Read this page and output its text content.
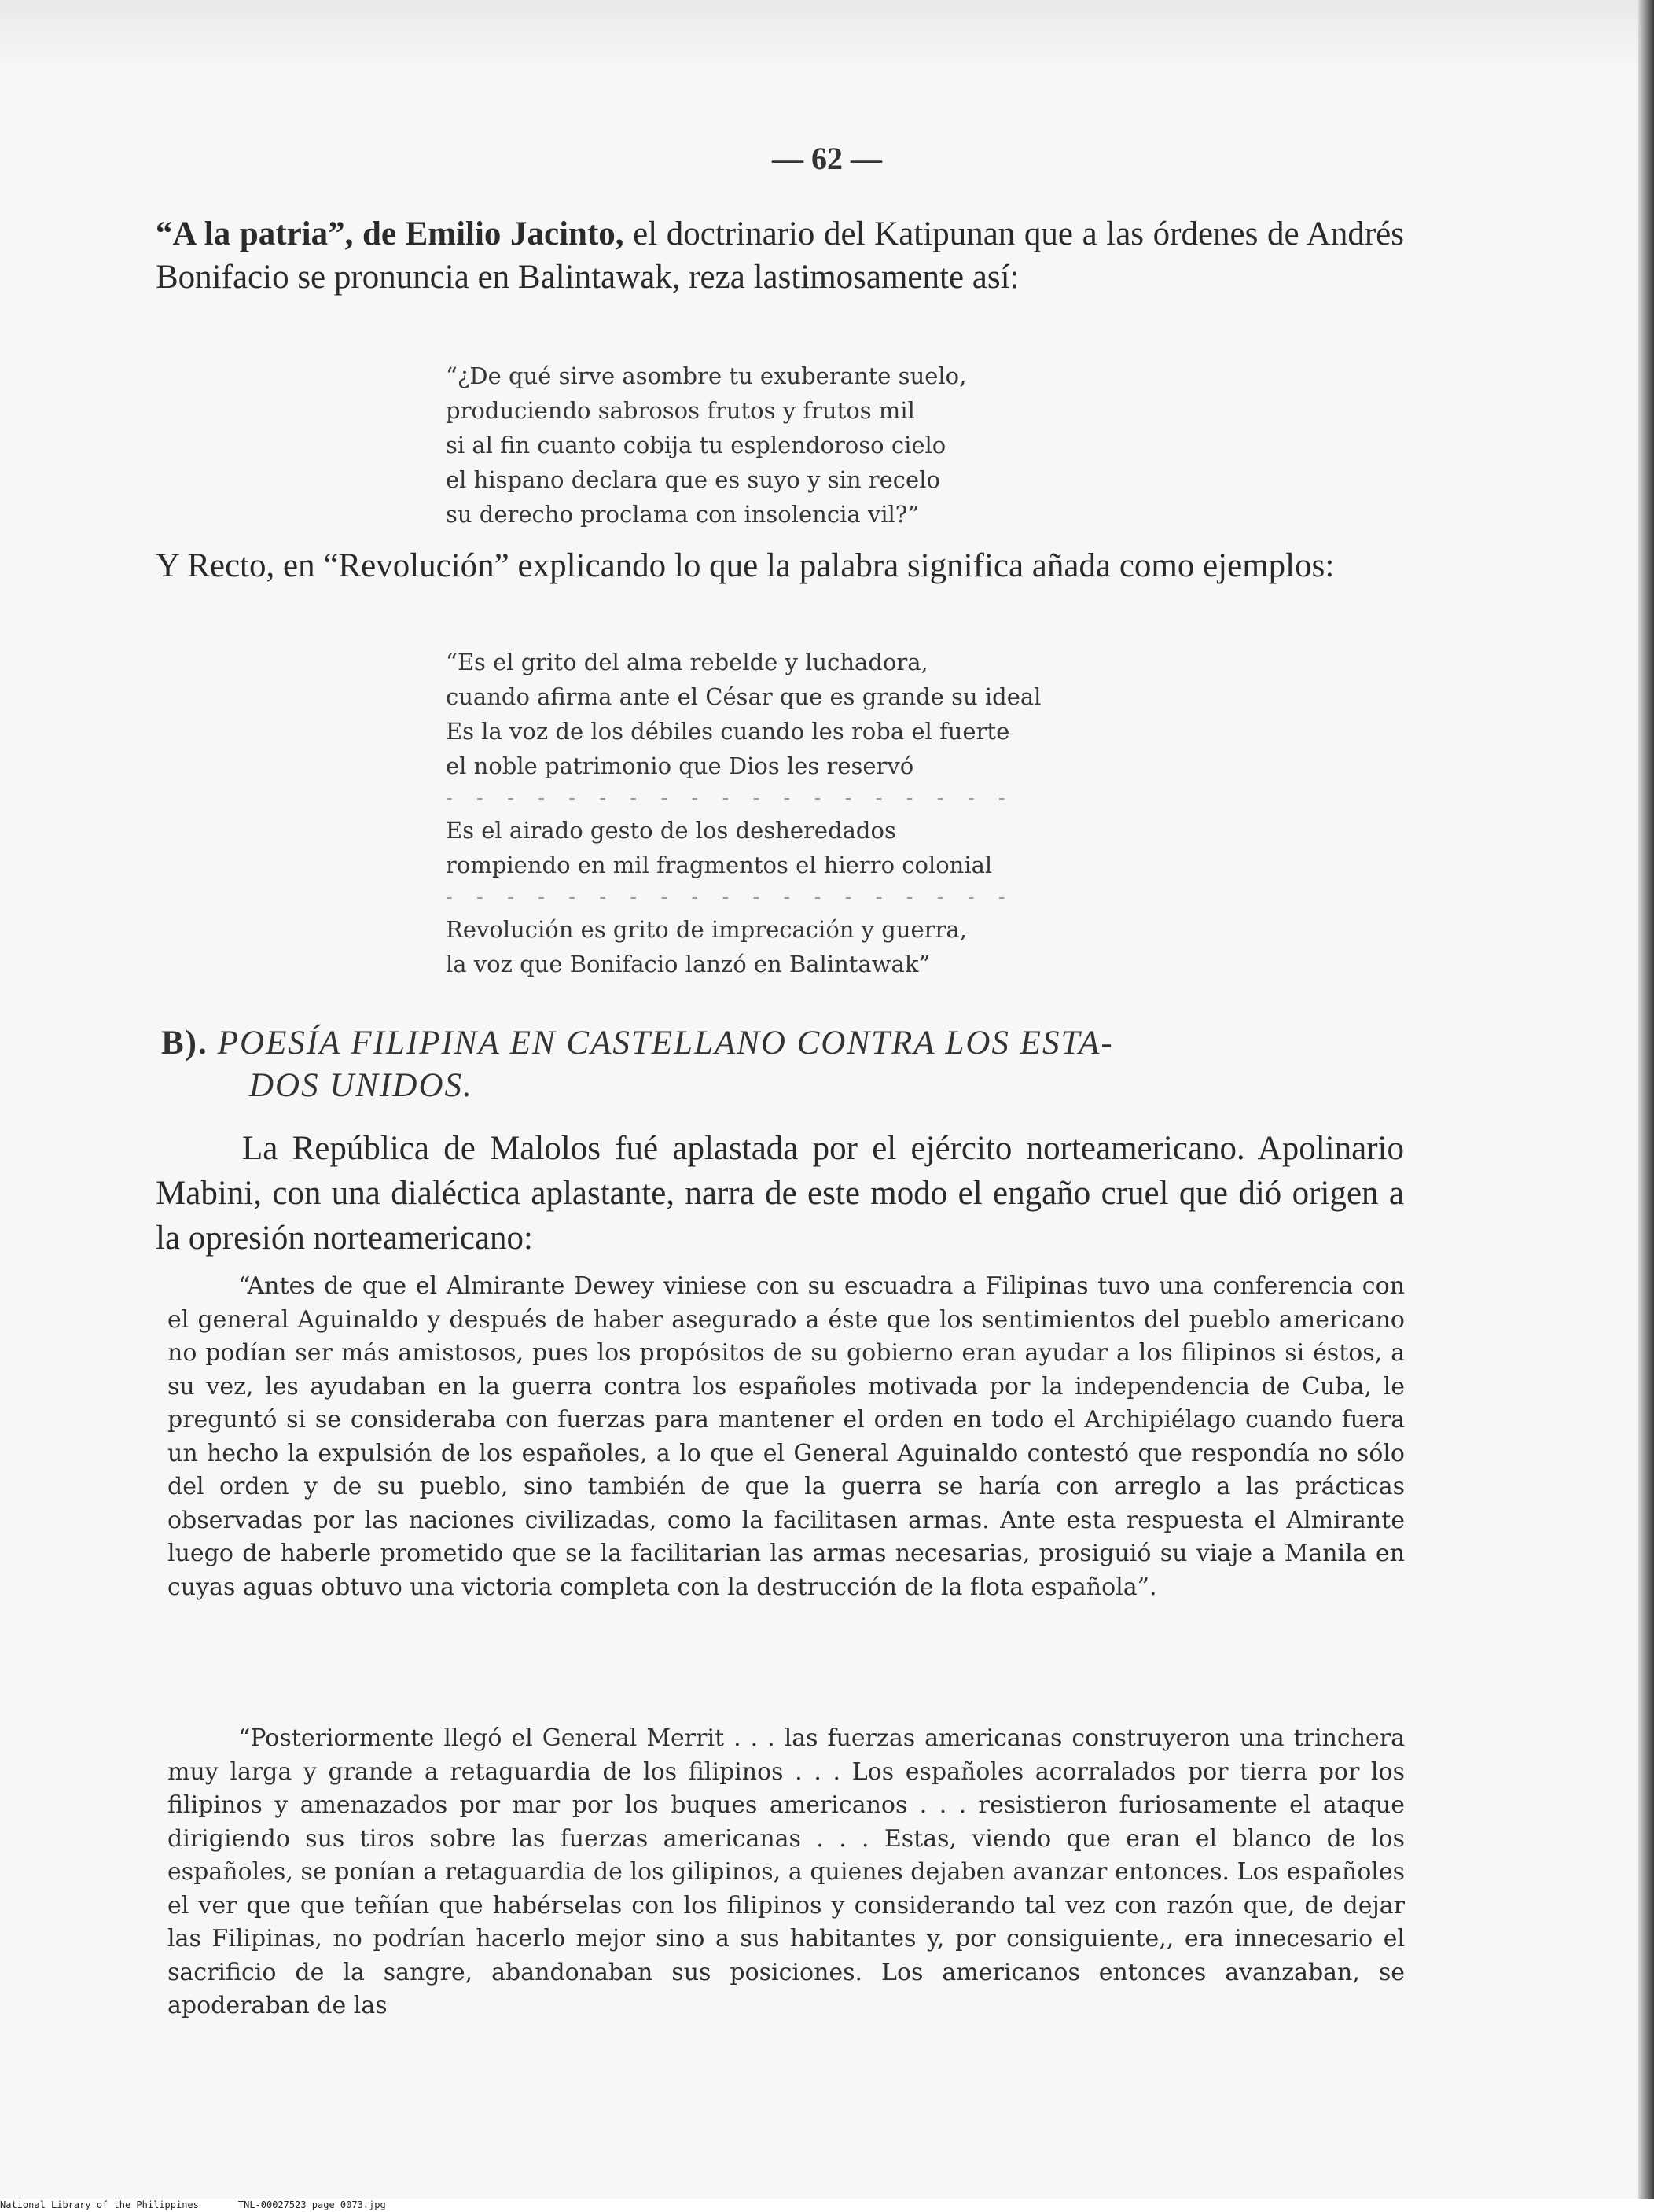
— 62 —
“A la patria”, de Emilio Jacinto, el doctrinario del Katipunan que a las órdenes de Andrés Bonifacio se pronuncia en Balintawak, reza lastimosamente así:
“¿De qué sirve asombre tu exuberante suelo,
produciendo sabrosos frutos y frutos mil
si al fin cuanto cobija tu esplendoroso cielo
el hispano declara que es suyo y sin recelo
su derecho proclama con insolencia vil?”
Y Recto, en “Revolución” explicando lo que la palabra significa añada como ejemplos:
“Es el grito del alma rebelde y luchadora,
cuando afirma ante el César que es grande su ideal
Es la voz de los débiles cuando les roba el fuerte
el noble patrimonio que Dios les reservó
- - - - - - - - - - - - - - - - - - -
Es el airado gesto de los desheredados
rompiendo en mil fragmentos el hierro colonial
- - - - - - - - - - - - - - - - - - -
Revolución es grito de imprecación y guerra,
la voz que Bonifacio lanzó en Balintawak”
B). POESÍA FILIPINA EN CASTELLANO CONTRA LOS ESTA-
DOS UNIDOS.
La República de Malolos fué aplastada por el ejército norteamericano. Apolinario Mabini, con una dialéctica aplastante, narra de este modo el engaño cruel que dió origen a la opresión norteamericano:
“Antes de que el Almirante Dewey viniese con su escuadra a Filipinas tuvo una conferencia con el general Aguinaldo y después de haber asegurado a éste que los sentimientos del pueblo americano no podían ser más amistosos, pues los propósitos de su gobierno eran ayudar a los filipinos si éstos, a su vez, les ayudaban en la guerra contra los españoles motivada por la independencia de Cuba, le preguntó si se consideraba con fuerzas para mantener el orden en todo el Archipiélago cuando fuera un hecho la expulsión de los españoles, a lo que el General Aguinaldo contestó que respondía no sólo del orden y de su pueblo, sino también de que la guerra se haría con arreglo a las prácticas observadas por las naciones civilizadas, como la facilitasen armas. Ante esta respuesta el Almirante luego de haberle prometido que se la facilitarian las armas necesarias, prosiguió su viaje a Manila en cuyas aguas obtuvo una victoria completa con la destrucción de la flota española”.
“Posteriormente llegó el General Merrit . . . las fuerzas americanas construyeron una trinchera muy larga y grande a retaguardia de los filipinos . . . Los españoles acorralados por tierra por los filipinos y amenazados por mar por los buques americanos . . . resistieron furiosamente el ataque dirigiendo sus tiros sobre las fuerzas americanas . . . Estas, viendo que eran el blanco de los españoles, se ponían a retaguardia de los gilipinos, a quienes dejaben avanzar entonces. Los españoles el ver que que teñían que habérselas con los filipinos y considerando tal vez con razón que, de dejar las Filipinas, no podrían hacerlo mejor sino a sus habitantes y, por consiguiente,, era innecesario el sacrificio de la sangre, abandonaban sus posiciones. Los americanos entonces avanzaban, se apoderaban de las
National Library of the Philippines	TNL-00027523_page_0073.jpg
